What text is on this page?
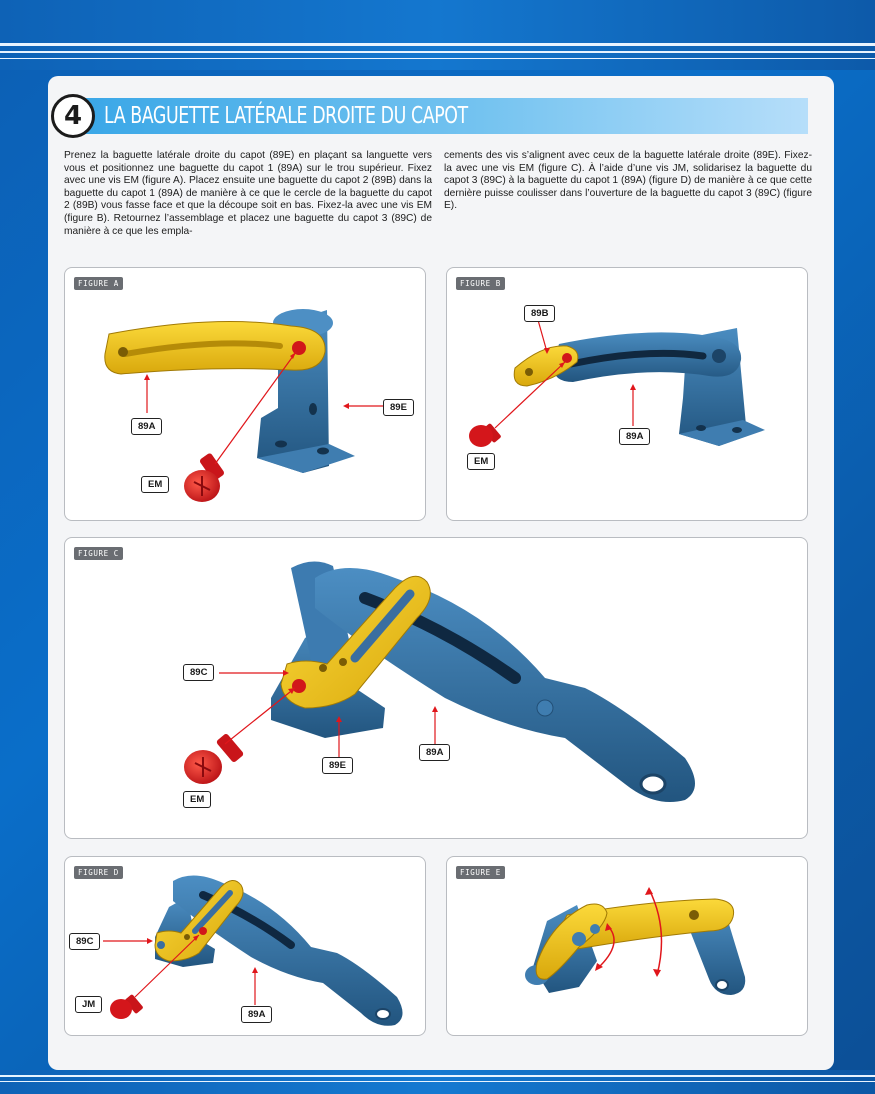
4 LA BAGUETTE LATÉRALE DROITE DU CAPOT

Prenez la baguette latérale droite du capot (89E) en plaçant sa languette vers vous et positionnez une baguette du capot 1 (89A) sur le trou supérieur. Fixez avec une vis EM (figure A). Placez ensuite une baguette du capot 2 (89B) dans la baguette du capot 1 (89A) de manière à ce que le cercle de la baguette du capot 2 (89B) vous fasse face et que la découpe soit en bas. Fixez-la avec une vis EM (figure B). Retournez l’assemblage et placez une baguette du capot 3 (89C) de manière à ce que les empla-

cements des vis s’alignent avec ceux de la baguette latérale droite (89E). Fixez-la avec une vis EM (figure C). À l’aide d’une vis JM, solidarisez la baguette du capot 3 (89C) à la baguette du capot 1 (89A) (figure D) de manière à ce que cette dernière puisse coulisser dans l’ouverture de la baguette du capot 3 (89C) (figure E).

FIGURE A
89A
89E
EM
FIGURE B
89B
89A
EM
FIGURE C
89C
89E
89A
EM
FIGURE D
89C
JM
89A
FIGURE E
